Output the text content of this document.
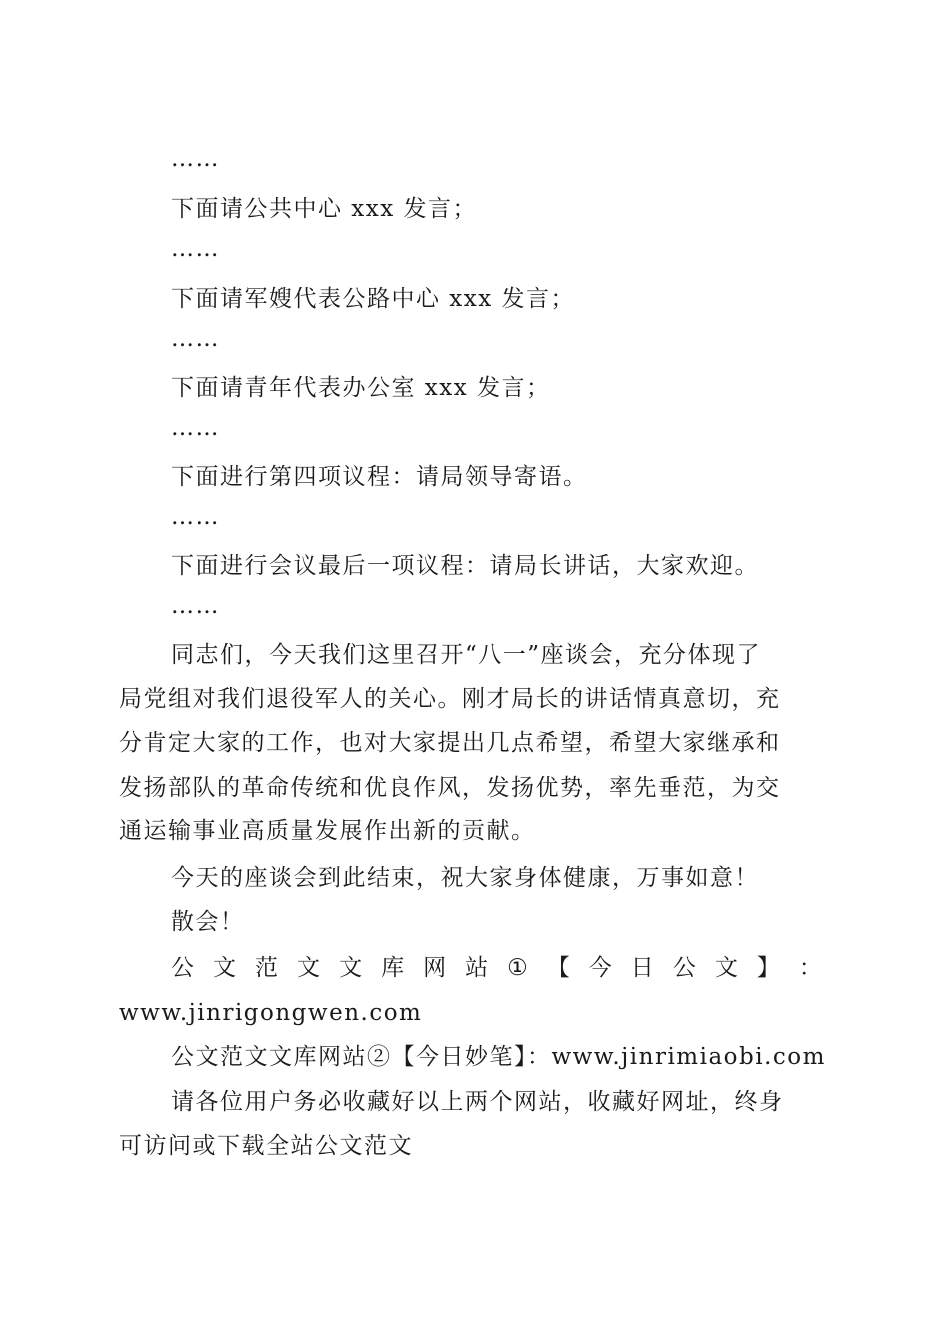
……
下面请公共中心 xxx 发言；
……
下面请军嫂代表公路中心 xxx 发言；
……
下面请青年代表办公室 xxx 发言；
……
下面进行第四项议程：请局领导寄语。
……
下面进行会议最后一项议程：请局长讲话，大家欢迎。
……
同志们，今天我们这里召开“八一”座谈会，充分体现了
局党组对我们退役军人的关心。刚才局长的讲话情真意切，充
分肯定大家的工作，也对大家提出几点希望，希望大家继承和
发扬部队的革命传统和优良作风，发扬优势，率先垂范，为交
通运输事业高质量发展作出新的贡献。
今天的座谈会到此结束，祝大家身体健康，万事如意！
散会！
公 文 范 文 文 库 网 站 ① 【 今 日 公 文 】 ：
www.jinrigongwen.com
公文范文文库网站②【今日妙笔】：www.jinrimiaobi.com
请各位用户务必收藏好以上两个网站，收藏好网址，终身
可访问或下载全站公文范文
